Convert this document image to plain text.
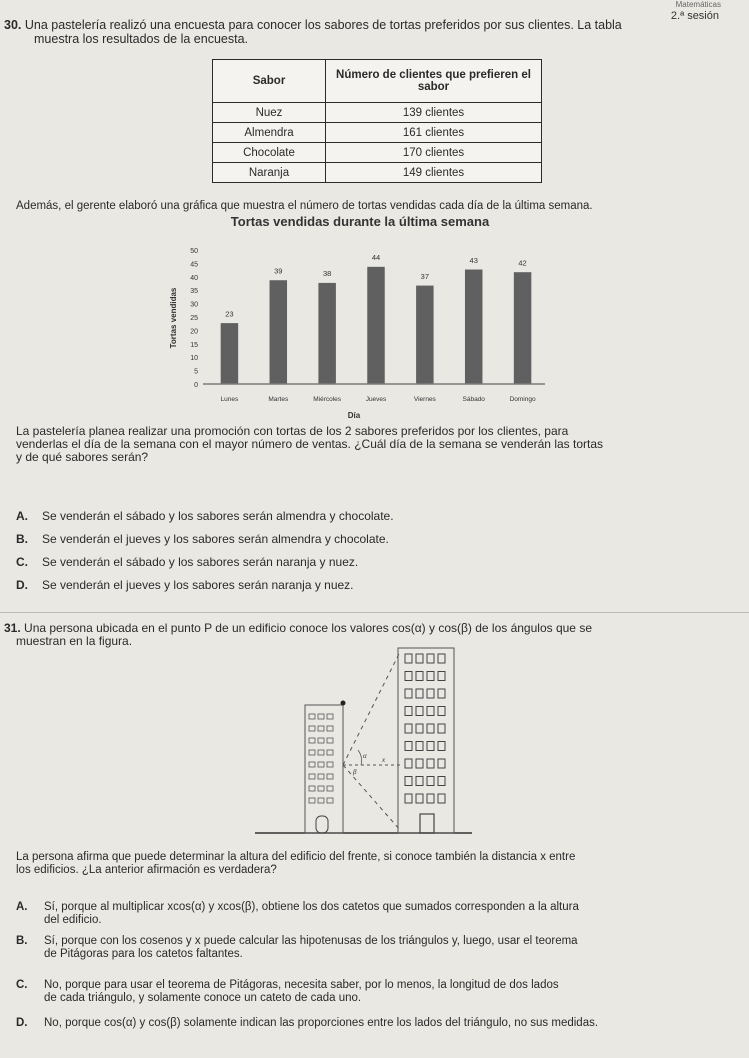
Matemáticas
2.ª sesión
30. Una pastelería realizó una encuesta para conocer los sabores de tortas preferidos por sus clientes. La tabla
muestra los resultados de la encuesta.
Sabor	Número de clientes que prefieren el sabor
Nuez	139 clientes
Almendra	161 clientes
Chocolate	170 clientes
Naranja	149 clientes
Además, el gerente elaboró una gráfica que muestra el número de tortas vendidas cada día de la última semana.
Tortas vendidas durante la última semana
0
5
10
15
20
25
30
35
40
45
50
23
39	38
44
37
43	42
Lunes	Martes	Miércoles	Jueves	Viernes	Sábado	Domingo
Tortas vendidas
Día
La pastelería planea realizar una promoción con tortas de los 2 sabores preferidos por los clientes, para
venderlas el día de la semana con el mayor número de ventas. ¿Cuál día de la semana se venderán las tortas
y de qué sabores serán?
A. Se venderán el sábado y los sabores serán almendra y chocolate.
B. Se venderán el jueves y los sabores serán almendra y chocolate.
C. Se venderán el sábado y los sabores serán naranja y nuez.
D. Se venderán el jueves y los sabores serán naranja y nuez.
31. Una persona ubicada en el punto P de un edificio conoce los valores cos(α) y cos(β) de los ángulos que se
muestran en la figura.
α
β
x
La persona afirma que puede determinar la altura del edificio del frente, si conoce también la distancia x entre
los edificios. ¿La anterior afirmación es verdadera?
A. Sí, porque al multiplicar xcos(α) y xcos(β), obtiene los dos catetos que sumados corresponden a la altura
del edificio.
B. Sí, porque con los cosenos y x puede calcular las hipotenusas de los triángulos y, luego, usar el teorema
de Pitágoras para los catetos faltantes.
C. No, porque para usar el teorema de Pitágoras, necesita saber, por lo menos, la longitud de dos lados
de cada triángulo, y solamente conoce un cateto de cada uno.
D. No, porque cos(α) y cos(β) solamente indican las proporciones entre los lados del triángulo, no sus medidas.
